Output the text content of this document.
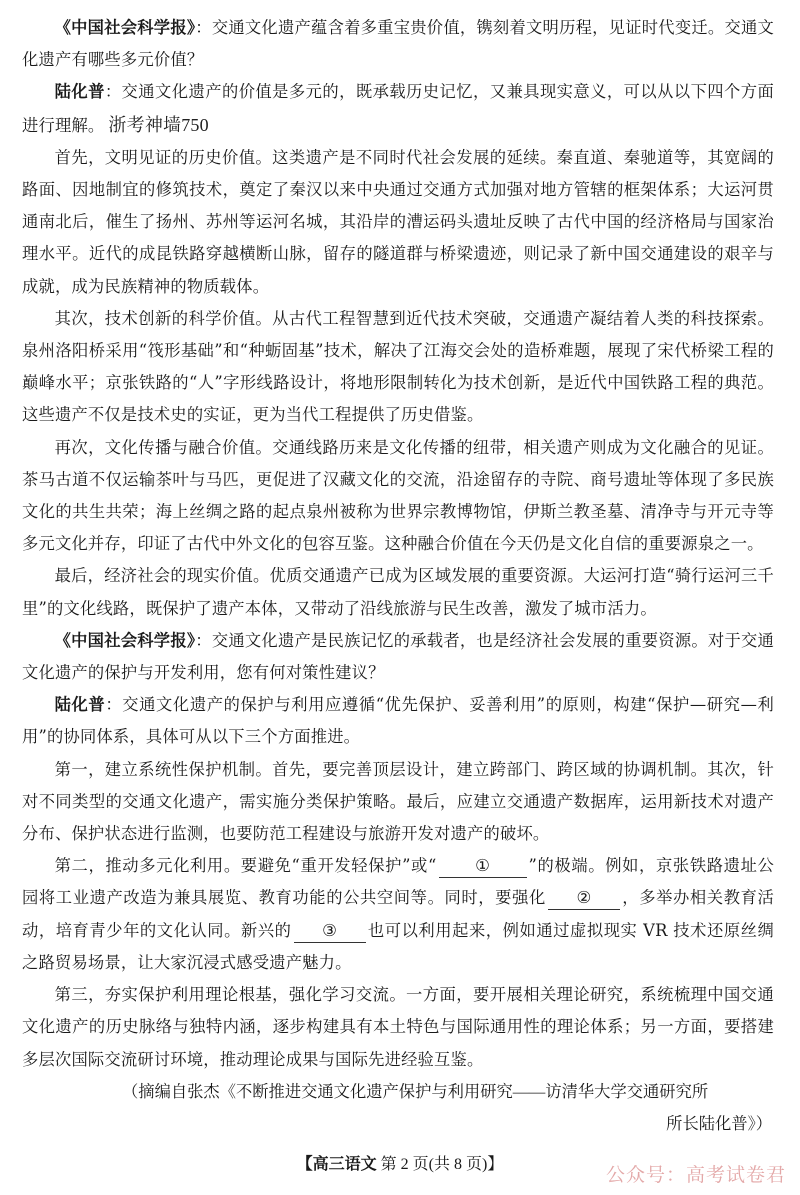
《中国社会科学报》：交通文化遗产蕴含着多重宝贵价值，镌刻着文明历程，见证时代变迁。交通文化遗产有哪些多元价值？

陆化普：交通文化遗产的价值是多元的，既承载历史记忆，又兼具现实意义，可以从以下四个方面进行理解。 浙考神墙750

首先，文明见证的历史价值。这类遗产是不同时代社会发展的延续。秦直道、秦驰道等，其宽阔的路面、因地制宜的修筑技术，奠定了秦汉以来中央通过交通方式加强对地方管辖的框架体系；大运河贯通南北后，催生了扬州、苏州等运河名城，其沿岸的漕运码头遗址反映了古代中国的经济格局与国家治理水平。近代的成昆铁路穿越横断山脉，留存的隧道群与桥梁遗迹，则记录了新中国交通建设的艰辛与成就，成为民族精神的物质载体。

其次，技术创新的科学价值。从古代工程智慧到近代技术突破，交通遗产凝结着人类的科技探索。泉州洛阳桥采用“筏形基础”和“种蛎固基”技术，解决了江海交会处的造桥难题，展现了宋代桥梁工程的巅峰水平；京张铁路的“人”字形线路设计，将地形限制转化为技术创新，是近代中国铁路工程的典范。这些遗产不仅是技术史的实证，更为当代工程提供了历史借鉴。

再次，文化传播与融合价值。交通线路历来是文化传播的纽带，相关遗产则成为文化融合的见证。茶马古道不仅运输茶叶与马匹，更促进了汉藏文化的交流，沿途留存的寺院、商号遗址等体现了多民族文化的共生共荣；海上丝绸之路的起点泉州被称为世界宗教博物馆，伊斯兰教圣墓、清净寺与开元寺等多元文化并存，印证了古代中外文化的包容互鉴。这种融合价值在今天仍是文化自信的重要源泉之一。

最后，经济社会的现实价值。优质交通遗产已成为区域发展的重要资源。大运河打造“骑行运河三千里”的文化线路，既保护了遗产本体，又带动了沿线旅游与民生改善，激发了城市活力。

《中国社会科学报》：交通文化遗产是民族记忆的承载者，也是经济社会发展的重要资源。对于交通文化遗产的保护与开发利用，您有何对策性建议？

陆化普：交通文化遗产的保护与利用应遵循“优先保护、妥善利用”的原则，构建“保护—研究—利用”的协同体系，具体可从以下三个方面推进。

第一，建立系统性保护机制。首先，要完善顶层设计，建立跨部门、跨区域的协调机制。其次，针对不同类型的交通文化遗产，需实施分类保护策略。最后，应建立交通遗产数据库，运用新技术对遗产分布、保护状态进行监测，也要防范工程建设与旅游开发对遗产的破坏。

第二，推动多元化利用。要避免“重开发轻保护”或“ ① ”的极端。例如，京张铁路遗址公园将工业遗产改造为兼具展览、教育功能的公共空间等。同时，要强化 ② ，多举办相关教育活动，培育青少年的文化认同。新兴的 ③ 也可以利用起来，例如通过虚拟现实 VR 技术还原丝绸之路贸易场景，让大家沉浸式感受遗产魅力。

第三，夯实保护利用理论根基，强化学习交流。一方面，要开展相关理论研究，系统梳理中国交通文化遗产的历史脉络与独特内涵，逐步构建具有本土特色与国际通用性的理论体系；另一方面，要搭建多层次国际交流研讨环境，推动理论成果与国际先进经验互鉴。

（摘编自张杰《不断推进交通文化遗产保护与利用研究——访清华大学交通研究所

所长陆化普》）

【高三语文 第 2 页(共 8 页)】	公众号：高考试卷君
